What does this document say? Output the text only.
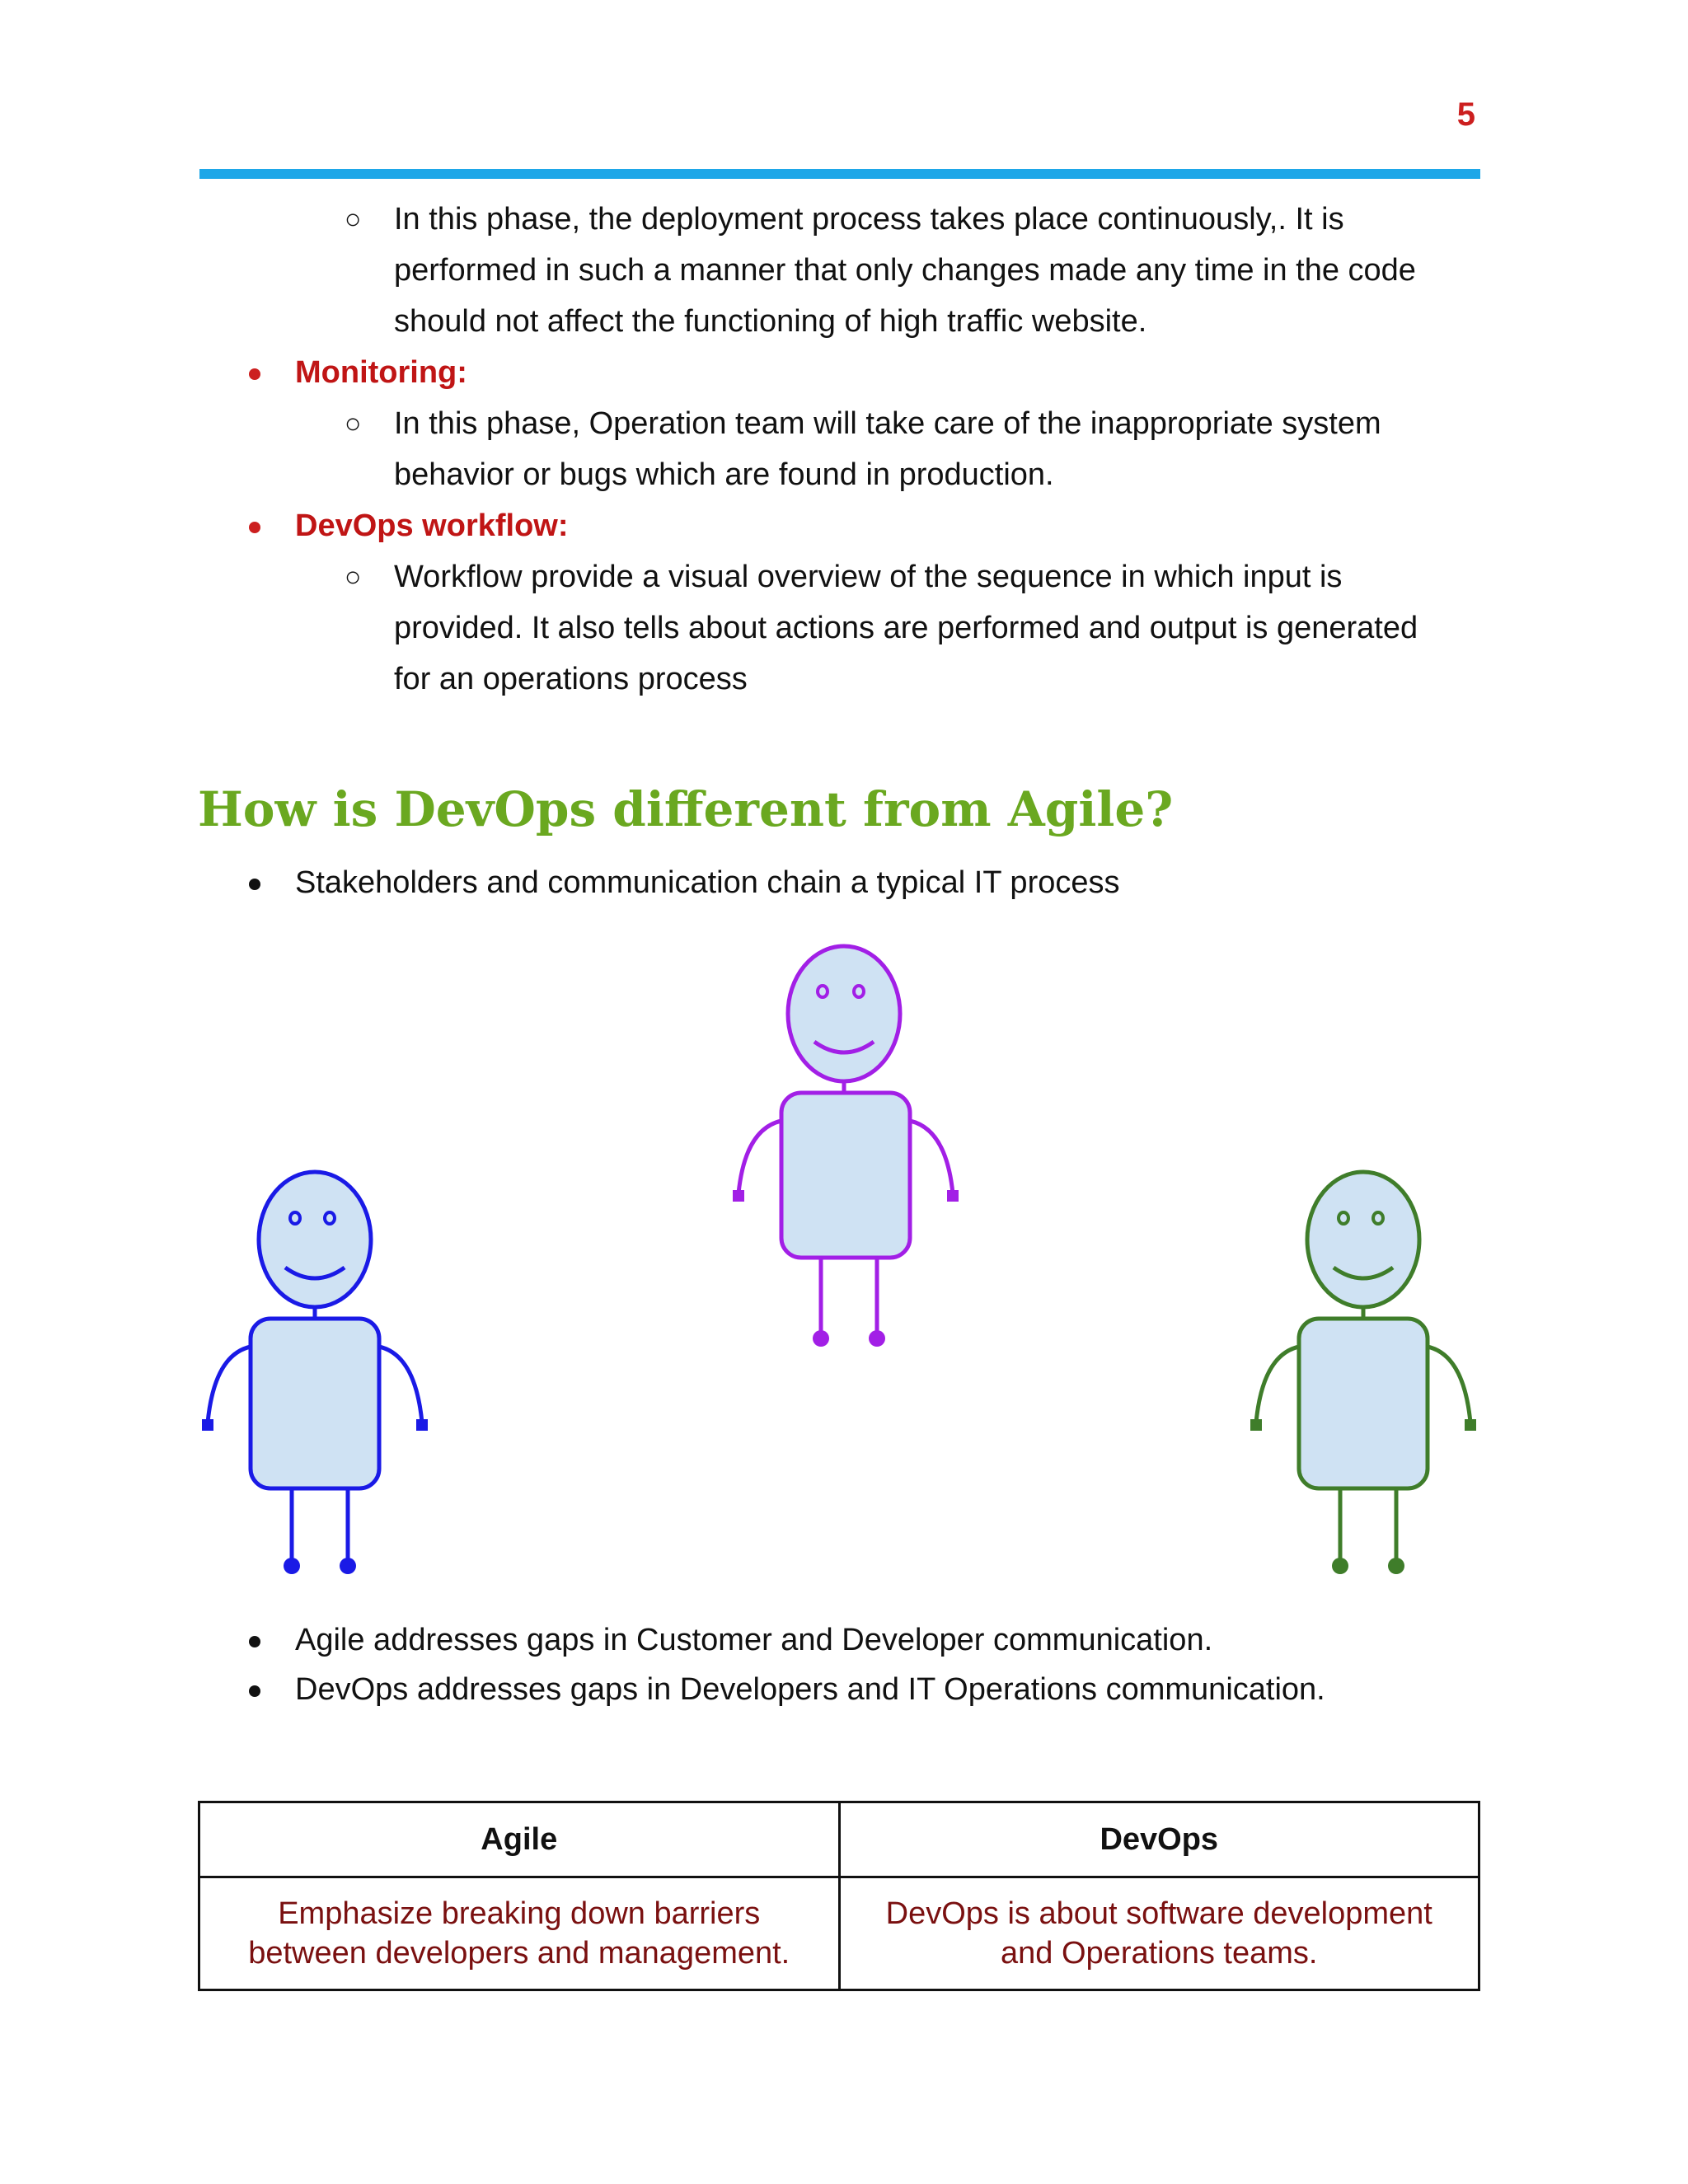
5
○ In this phase, the deployment process takes place continuously,. It is
performed in such a manner that only changes made any time in the code
should not affect the functioning of high traffic website.
Monitoring:
○ In this phase, Operation team will take care of the inappropriate system
behavior or bugs which are found in production.
DevOps workflow:
○ Workflow provide a visual overview of the sequence in which input is
provided. It also tells about actions are performed and output is generated
for an operations process
How is DevOps different from Agile?
Stakeholders and communication chain a typical IT process
Agile addresses gaps in Customer and Developer communication.
DevOps addresses gaps in Developers and IT Operations communication.
Agile	DevOps
Emphasize breaking down barriers between developers and management.	DevOps is about software development and Operations teams.
